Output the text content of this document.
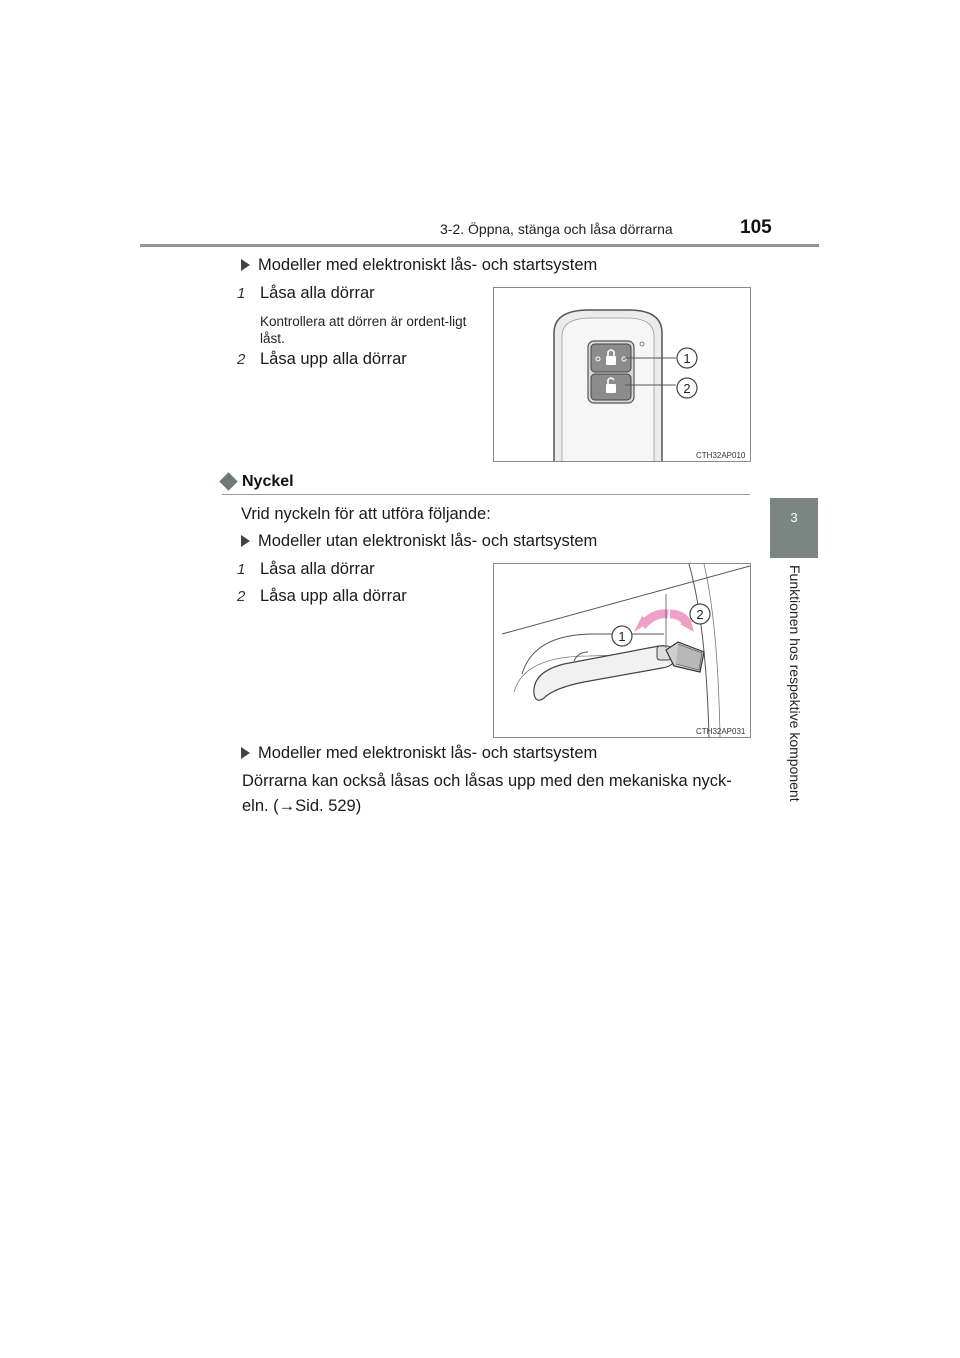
3-2. Öppna, stänga och låsa dörrarna	105
3
Funktionen hos respektive komponent
Modeller med elektroniskt lås- och startsystem
1 Låsa alla dörrar
Kontrollera att dörren är ordent-ligt låst.
2 Låsa upp alla dörrar	1
2
CTH32AP010
Nyckel
Vrid nyckeln för att utföra följande:
Modeller utan elektroniskt lås- och startsystem
1 Låsa alla dörrar
2 Låsa upp alla dörrar
1
2
CTH32AP031
Modeller med elektroniskt lås- och startsystem
Dörrarna kan också låsas och låsas upp med den mekaniska nyck-
eln. (→Sid. 529)
